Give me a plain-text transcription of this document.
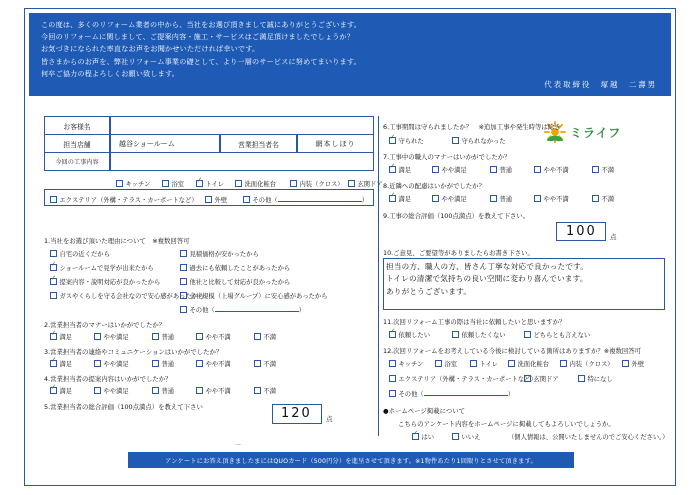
この度は、多くのリフォーム業者の中から、当社をお選び頂きまして誠にありがとうございます。
今回のリフォームに関しまして、ご提案内容・施工・サービスはご満足頂けましたでしょうか？
お気づきになられた率直なお声をお聞かせいただければ幸いです。
皆さまからのお声を、弊社リフォーム事業の礎として、より一層のサービスに努めてまいります。
何卒ご協力の程よろしくお願い致します。
代表取締役　塚越　二壽男
ミライフ
お客様名
担当店舗	越谷ショールーム	営業担当者名	網本しほり
今回の工事内容
キッチン	浴室 ✓	トイレ	洗面化粧台	内装（クロス）	玄関ドア
エクステリア（外構・テラス・カーポートなど）	外壁	その他（	）
1.当社をお選び頂いた理由について　※複数回答可
自宅の近くだから	見積価格が安かったから
✓ショールームで見学が出来たから	過去にも依頼したことがあったから
✓提案内容・説明対応が良かったから	他社と比較して対応が良かったから
ガスやくらしを守る会社なので安心感があったから
会社規模（上場グループ）に安心感があったから
その他（	）
2.営業担当者のマナーはいかがでしたか？
✓満足	やや満足	普通	やや不満	不満
3.営業担当者の連絡やコミュニケーションはいかがでしたか？
✓満足	やや満足	普通	やや不満	不満
4.営業担当者の提案内容はいかがでしたか？
✓満足	やや満足	普通	やや不満	不満
5.営業担当者の総合評価（100点満点）を教えて下さい	120 点
6.工事期間は守られましたか？　※追加工事や発生時等は除き
✓守られた	守られなかった
7.工事中の職人のマナーはいかがでしたか？
✓満足	やや満足	普通	やや不満	不満
8.近隣への配慮はいかがでしたか？
✓満足	やや満足	普通	やや不満	不満
9.工事の総合評価（100点満点）を教えて下さい。
100 点
10.ご意見、ご要望等がありましたらお書き下さい。
担当の方、職人の方、皆さん丁寧な対応で良かったです。
トイレの清潔で気持ちの良い空間に変わり喜んでいます。
ありがとうございます。
11.次回リフォーム工事の際は当社に依頼したいと思いますか？
✓依頼したい	依頼したくない	どちらとも言えない
12.次回リフォームをお考えしている今後に検討している箇所はありますか？※複数回答可
キッチン	浴室	トイレ	洗面化粧台	内装（クロス）	外壁
エクステリア（外構・テラス・カーポートなど）
玄関ドア	特になし
その他（	）
●ホームページ掲載について
こちらのアンケート内容をホームページに掲載してもよろしいでしょうか。
✓はい	いいえ	（個人情報は、公開いたしませんのでご安心ください。）
…
アンケートにお答え頂きましたまにはQUOカード（500円分）を進呈させて頂きます。※1物件あたり1回限りとさせて頂きます。
